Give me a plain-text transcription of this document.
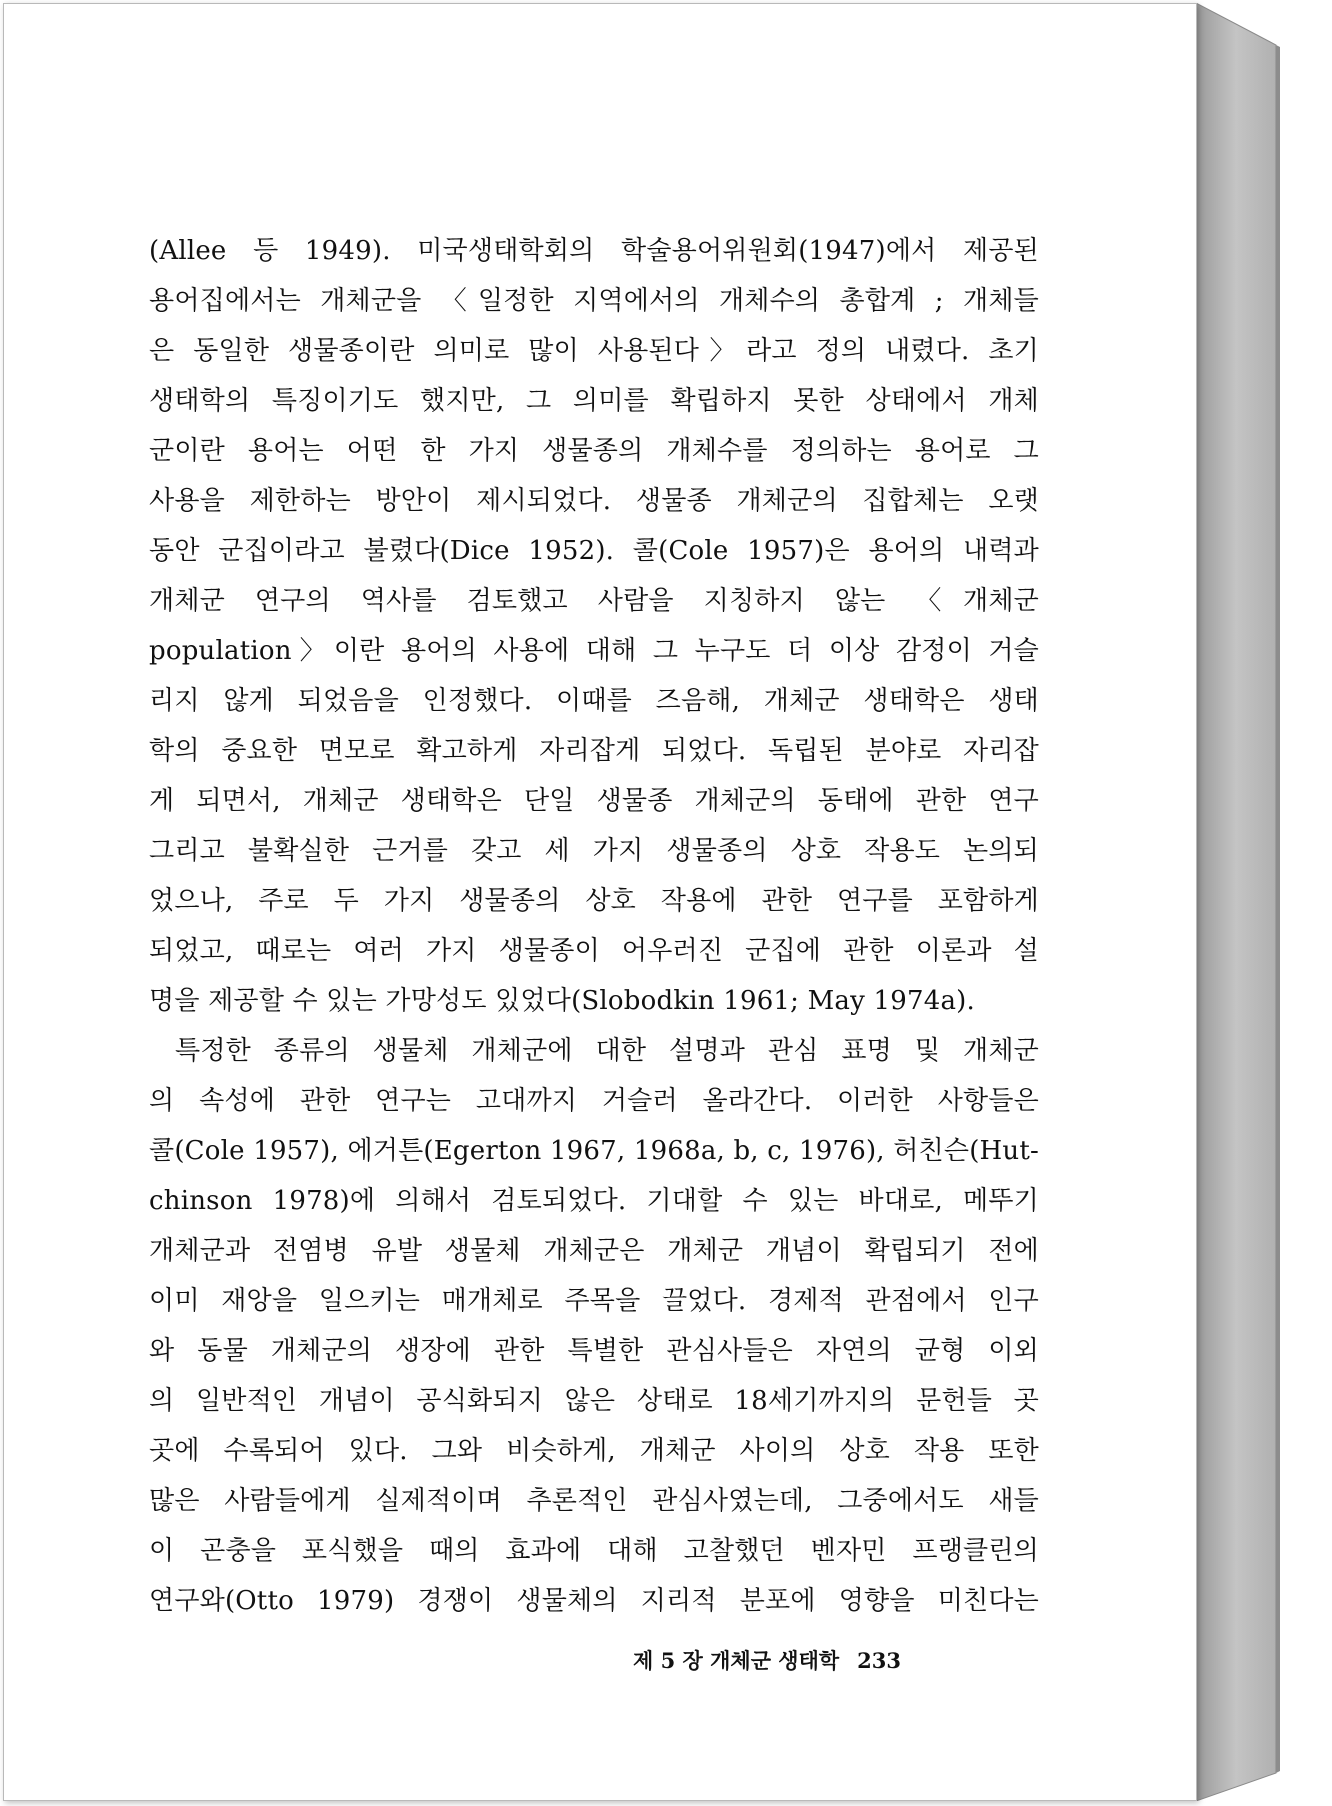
(Allee 등 1949). 미국생태학회의 학술용어위원회(1947)에서 제공된
용어집에서는 개체군을 〈일정한 지역에서의 개체수의 총합계 ; 개체들
은 동일한 생물종이란 의미로 많이 사용된다〉라고 정의 내렸다. 초기
생태학의 특징이기도 했지만, 그 의미를 확립하지 못한 상태에서 개체
군이란 용어는 어떤 한 가지 생물종의 개체수를 정의하는 용어로 그
사용을 제한하는 방안이 제시되었다. 생물종 개체군의 집합체는 오랫
동안 군집이라고 불렸다(Dice 1952). 콜(Cole 1957)은 용어의 내력과
개체군 연구의 역사를 검토했고 사람을 지칭하지 않는 〈개체군
population〉이란 용어의 사용에 대해 그 누구도 더 이상 감정이 거슬
리지 않게 되었음을 인정했다. 이때를 즈음해, 개체군 생태학은 생태
학의 중요한 면모로 확고하게 자리잡게 되었다. 독립된 분야로 자리잡
게 되면서, 개체군 생태학은 단일 생물종 개체군의 동태에 관한 연구
그리고 불확실한 근거를 갖고 세 가지 생물종의 상호 작용도 논의되
었으나, 주로 두 가지 생물종의 상호 작용에 관한 연구를 포함하게
되었고, 때로는 여러 가지 생물종이 어우러진 군집에 관한 이론과 설
명을 제공할 수 있는 가망성도 있었다(Slobodkin 1961; May 1974a).
특정한 종류의 생물체 개체군에 대한 설명과 관심 표명 및 개체군
의 속성에 관한 연구는 고대까지 거슬러 올라간다. 이러한 사항들은
콜(Cole 1957), 에거튼(Egerton 1967, 1968a, b, c, 1976), 허친슨(Hut-
chinson 1978)에 의해서 검토되었다. 기대할 수 있는 바대로, 메뚜기
개체군과 전염병 유발 생물체 개체군은 개체군 개념이 확립되기 전에
이미 재앙을 일으키는 매개체로 주목을 끌었다. 경제적 관점에서 인구
와 동물 개체군의 생장에 관한 특별한 관심사들은 자연의 균형 이외
의 일반적인 개념이 공식화되지 않은 상태로 18세기까지의 문헌들 곳
곳에 수록되어 있다. 그와 비슷하게, 개체군 사이의 상호 작용 또한
많은 사람들에게 실제적이며 추론적인 관심사였는데, 그중에서도 새들
이 곤충을 포식했을 때의 효과에 대해 고찰했던 벤자민 프랭클린의
연구와(Otto 1979) 경쟁이 생물체의 지리적 분포에 영향을 미친다는
제 5 장 개체군 생태학 233
